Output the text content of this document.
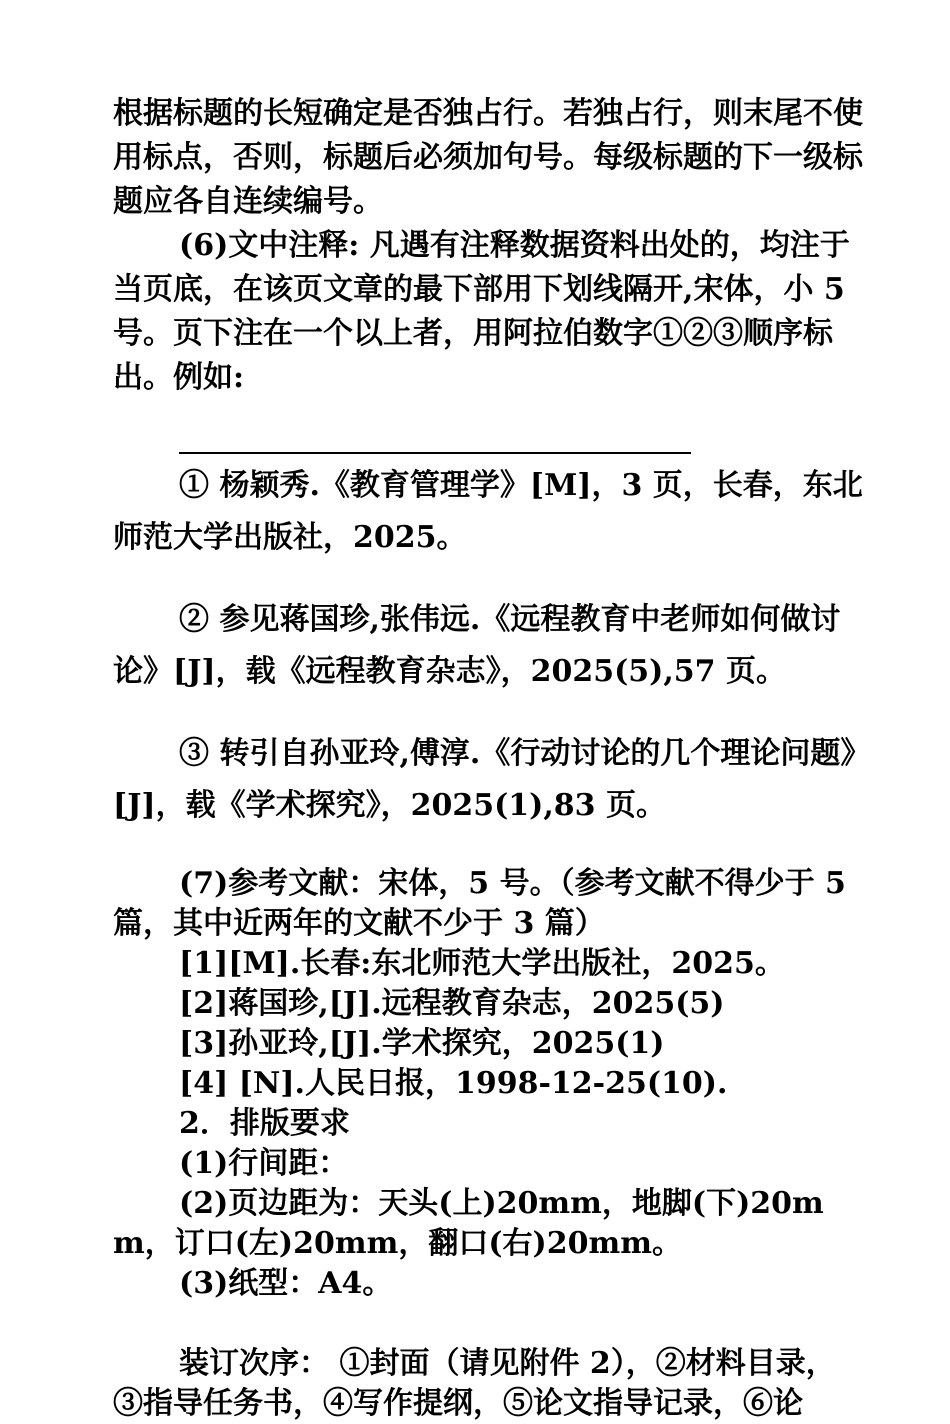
根据标题的长短确定是否独占行。若独占行，则末尾不使用标点，否则，标题后必须加句号。每级标题的下一级标题应各自连续编号。

(6)文中注释: 凡遇有注释数据资料出处的，均注于当页底，在该页文章的最下部用下划线隔开,宋体，小 5 号。页下注在一个以上者，用阿拉伯数字①②③顺序标出。例如:

① 杨颖秀.《教育管理学》[M]，3 页，长春，东北师范大学出版社，2025。

② 参见蒋国珍,张伟远.《远程教育中老师如何做讨论》[J]，载《远程教育杂志》，2025(5),57 页。

③ 转引自孙亚玲,傅淳.《行动讨论的几个理论问题》[J]，载《学术探究》，2025(1),83 页。

(7)参考文献：宋体，5 号。（参考文献不得少于 5 篇，其中近两年的文献不少于 3 篇）

[1][M].长春:东北师范大学出版社，2025。

[2]蒋国珍,[J].远程教育杂志，2025(5)

[3]孙亚玲,[J].学术探究，2025(1)

[4] [N].人民日报，1998-12-25(10).

2．排版要求

(1)行间距：

(2)页边距为：天头(上)20mm，地脚(下)20mm，订口(左)20mm，翻口(右)20mm。

(3)纸型：A4。

装订次序： ①封面（请见附件 2），②材料目录，③指导任务书，④写作提纲，⑤论文指导记录，⑥论
